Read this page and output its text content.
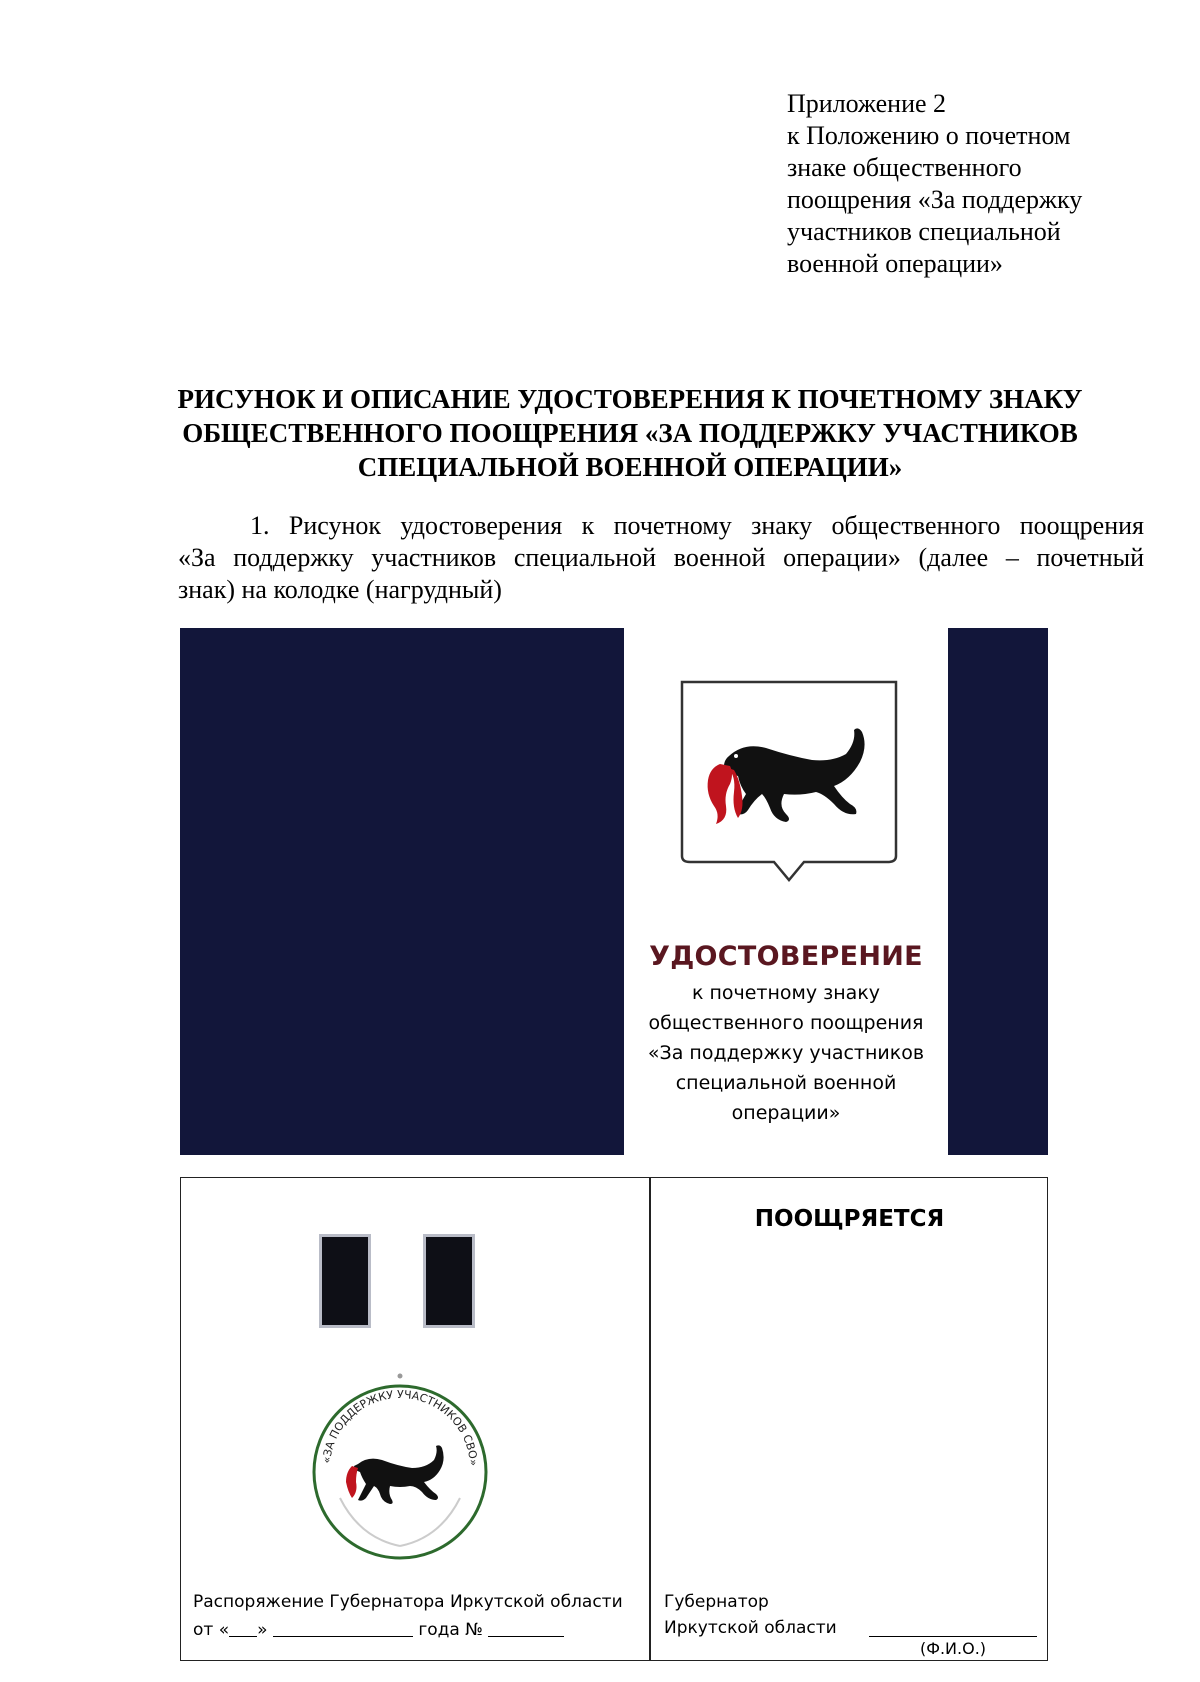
Приложение 2
к Положению о почетном
знаке общественного
поощрения «За поддержку
участников специальной
военной операции»
РИСУНОК И ОПИСАНИЕ УДОСТОВЕРЕНИЯ К ПОЧЕТНОМУ ЗНАКУ
ОБЩЕСТВЕННОГО ПООЩРЕНИЯ «ЗА ПОДДЕРЖКУ УЧАСТНИКОВ
СПЕЦИАЛЬНОЙ ВОЕННОЙ ОПЕРАЦИИ»
1. Рисунок удостоверения к почетному знаку общественного поощрения
«За поддержку участников специальной военной операции» (далее – почетный
знак) на колодке (нагрудный)
УДОСТОВЕРЕНИЕ
к почетному знаку
общественного поощрения
«За поддержку участников
специальной военной
операции»
«ЗА ПОДДЕРЖКУ УЧАСТНИКОВ СВО»
Распоряжение Губернатора Иркутской области
от « »	года №
ПООЩРЯЕТСЯ
Губернатор
Иркутской области
(Ф.И.О.)
